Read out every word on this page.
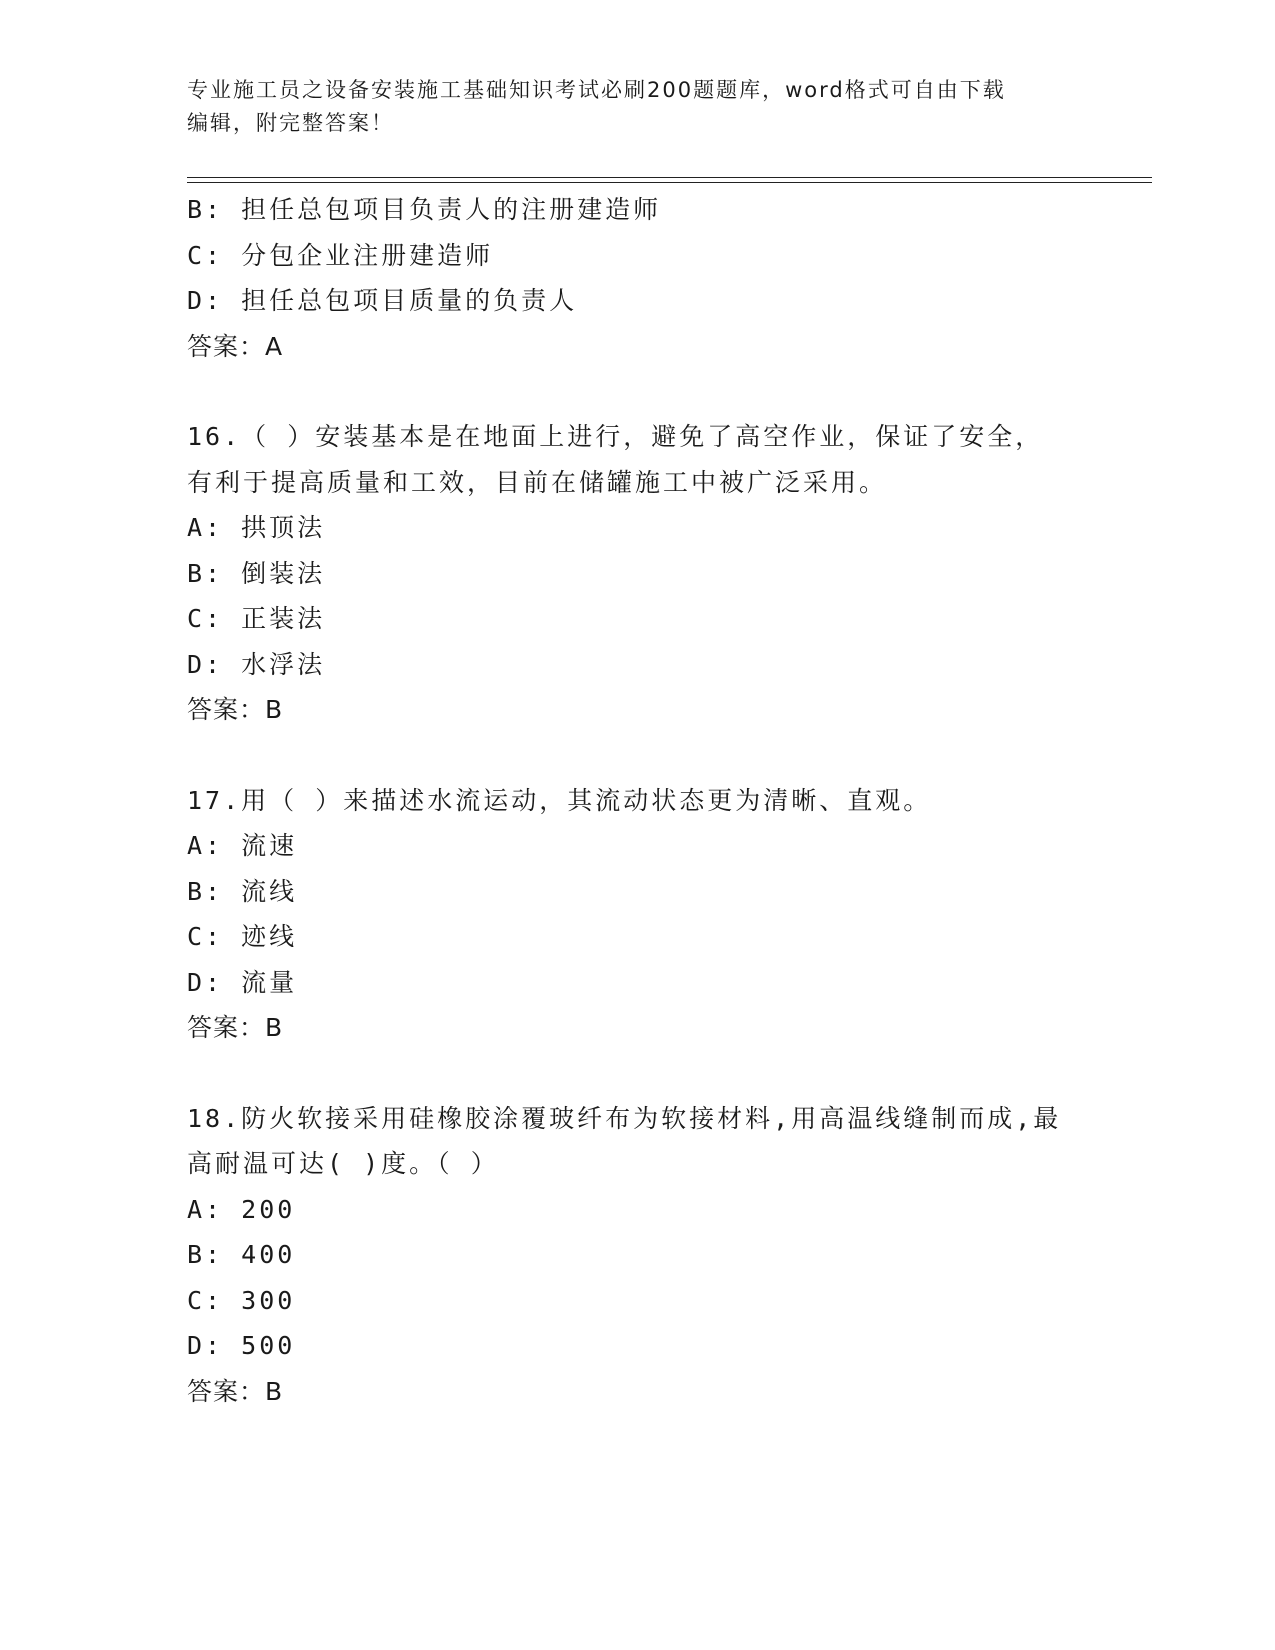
专业施工员之设备安装施工基础知识考试必刷200题题库，word格式可自由下载
编辑，附完整答案！
B: 担任总包项目负责人的注册建造师
C: 分包企业注册建造师
D: 担任总包项目质量的负责人
答案：A
16.（ ）安装基本是在地面上进行，避免了高空作业，保证了安全，
有利于提高质量和工效，目前在储罐施工中被广泛采用。
A: 拱顶法
B: 倒装法
C: 正装法
D: 水浮法
答案：B
17.用（ ）来描述水流运动，其流动状态更为清晰、直观。
A: 流速
B: 流线
C: 迹线
D: 流量
答案：B
18.防火软接采用硅橡胶涂覆玻纤布为软接材料,用高温线缝制而成,最
高耐温可达( )度。（ ）
A: 200
B: 400
C: 300
D: 500
答案：B
